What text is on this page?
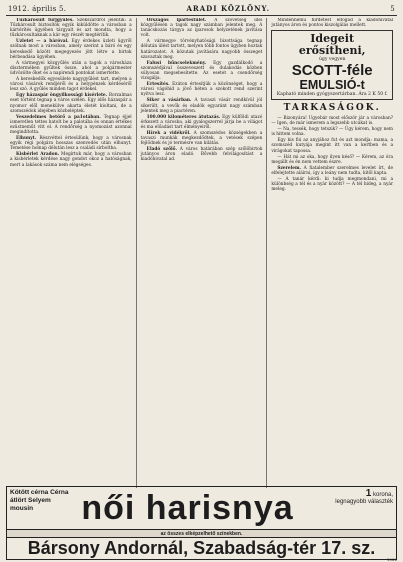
1912. április 5.	ARADI KÖZLÖNY.	5

Tűzkárosult fűrjgyűlés. Szekszárdról jelentik: a Tűzkárosult biztosítók egyik kiküldötte a városban a kártérítés ügyében tárgyalt és azt mondta, hogy a tűzkárosultaknak a kár egy részét megtérítik.

Uzletet — a báróval. Egy érdekes üzleti ügyről szólnak most a városban, amely szerint a báró és egy kereskedő között megegyezés jött létre a birtok bérbeadása ügyében.

A vármegyei közgyűlés után a tagok a városháza dísztermében gyűltek össze, ahol a polgármester üdvözölte őket és a napirendi pontokat ismertette.

A kereskedők egyesülete nagygyűlést tart, melyen a városi vásárok rendjéről és a helypénzek kérdéséről lesz szó. A gyűlés minden tagot érdekel.

Egy házaspár öngyilkossági kísérlete. Borzalmas eset történt tegnap a város szélén. Egy idős házaspár a nyomor elől menekülve akarta életét kioltani, de a szomszédok idejében közbeléptek.

Veszedelmes betörő a pa1otában. Tegnap éjjel ismeretlen tettes hatolt be a palotába és onnan értékes ezüstneműt vitt el. A rendőrség a nyomozást azonnal megindította.

Elhunyt. Részvéttel értesülünk, hogy a városnak egyik régi polgára hosszas szenvedés után elhunyt. Temetése holnap délután lesz a családi sírboltba.

Kisbérlet Aradon. Megírtuk már, hogy a városban a kisbérletek kérdése nagy gondot okoz a hatóságnak, mert a lakások száma nem elégséges.

Országos ipartestület. A szövetség idei közgyűlésén a tagok nagy számban jelentek meg. A tanácskozás tárgya az iparosok helyzetének javítása volt.

A vármegye törvényhatósági bizottsága tegnap délután ülést tartott, melyen több fontos ügyben hoztak határozatot. A közutak javítására nagyobb összeget szavaztak meg.

Falusi bűncselekmény. Egy gazdálkodó a szomszédjával összeveszett és dulakodás közben súlyosan megsebesítette. Az esetet a csendőrség vizsgálja.

Ertesítés. Ezúton értesítjük a közönséget, hogy a városi vágóhíd a jövő héten a szokott rend szerint nyitva lesz.

Siker a vásárban. A tavaszi vásár rendkívül jól sikerült, a vevők és eladók egyaránt nagy számban jelentek meg a piactéren.

100.000 kilométeres átutazás. Egy külföldi utazó érkezett a városba, aki gyalogszerrel járja be a világot és ma előadást tart élményeiről.

Hírek a vidékről. A szomszédos községekben a tavaszi munkák megkezdődtek, a vetések szépen fejlődnek és jó termésre van kilátás.

Eladó szőlő. A város határában szép szőlőbirtok jutányos áron eladó. Bővebb felvilágosítást a kiadóhivatal ad.

Mindennemű hirdetést elfogad a kiadóhivatal jutányos áron és pontos kiszolgálás mellett.

Idegeit erősítheni,
úgy vegyen
SCOTT-féle
EMULSIÓ-t
Kapható minden gyógyszertárban. Ára 2 K 50 f.
TARKASÁGOK.

— Bizonyára! Ugyebár most először jár a városban? — Igen, de már ismerem a legszebb utcákat is.

— Na, tessék, hogy tetszik? — Úgy kérem, hogy nem is hittem volna.

Egy kis fiú az anyjához fut és azt mondja: mama, a szomszéd kutyája megint itt van a kertben és a virágokat tapossa.

— Hát mi az oka, hogy ilyen késő? — Kérem, az óra megállt és én nem vettem észre.

Szerelem. A fiatalember szerelmes levelet írt, de elfelejtette aláírni, így a leány nem tudta, kitől kapta.

— A tanár kérdi: ki tudja megmondani, mi a különbség a tél és a nyár között? — A tél hideg, a nyár meleg.

Kötött cérna Cérna átlört Selyem mousin	női harisnya	1 korona,
legnagyobb választék
az összes elképzelhető színekben.
Bársony Andornál, Szabadság-tér 17. sz.
1082
